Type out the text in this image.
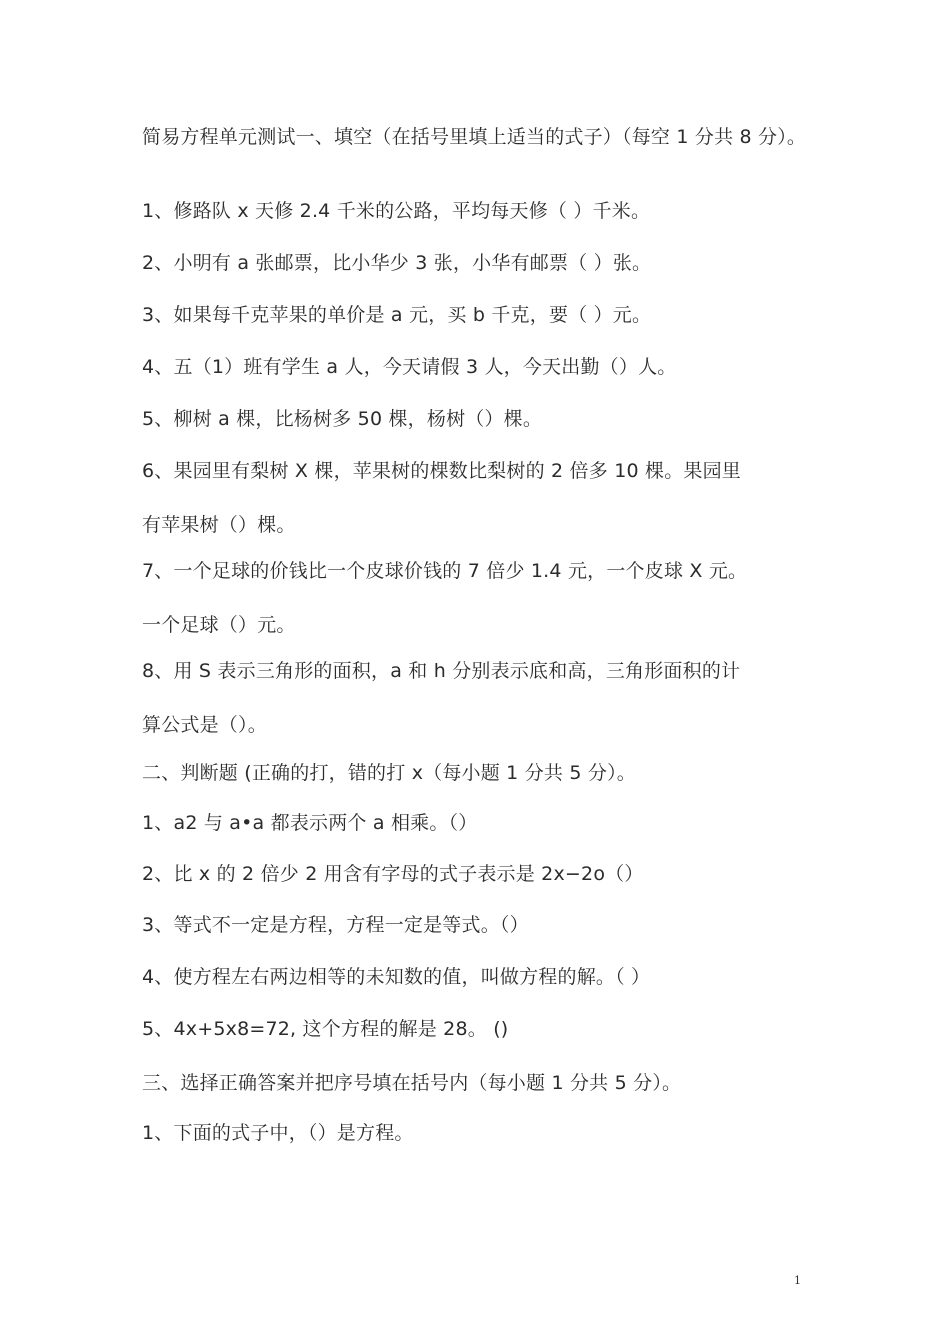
简易方程单元测试一、填空（在括号里填上适当的式子）（每空 1 分共 8 分）。
1、修路队 x 天修 2.4 千米的公路，平均每天修（ ）千米。
2、小明有 a 张邮票，比小华少 3 张，小华有邮票（ ）张。
3、如果每千克苹果的单价是 a 元，买 b 千克，要（ ）元。
4、五（1）班有学生 a 人，今天请假 3 人，今天出勤（）人。
5、柳树 a 棵，比杨树多 50 棵，杨树（）棵。
6、果园里有梨树 X 棵，苹果树的棵数比梨树的 2 倍多 10 棵。果园里
有苹果树（）棵。
7、一个足球的价钱比一个皮球价钱的 7 倍少 1.4 元，一个皮球 X 元。
一个足球（）元。
8、用 S 表示三角形的面积，a 和 h 分别表示底和高，三角形面积的计
算公式是（）。
二、判断题 (正确的打，错的打 x（每小题 1 分共 5 分）。
1、a2 与 a•a 都表示两个 a 相乘。（）
2、比 x 的 2 倍少 2 用含有字母的式子表示是 2x−2o（）
3、等式不一定是方程，方程一定是等式。（）
4、使方程左右两边相等的未知数的值，叫做方程的解。（ ）
5、4x+5x8=72, 这个方程的解是 28。 ()
三、选择正确答案并把序号填在括号内（每小题 1 分共 5 分）。
1、下面的式子中，（）是方程。
1
